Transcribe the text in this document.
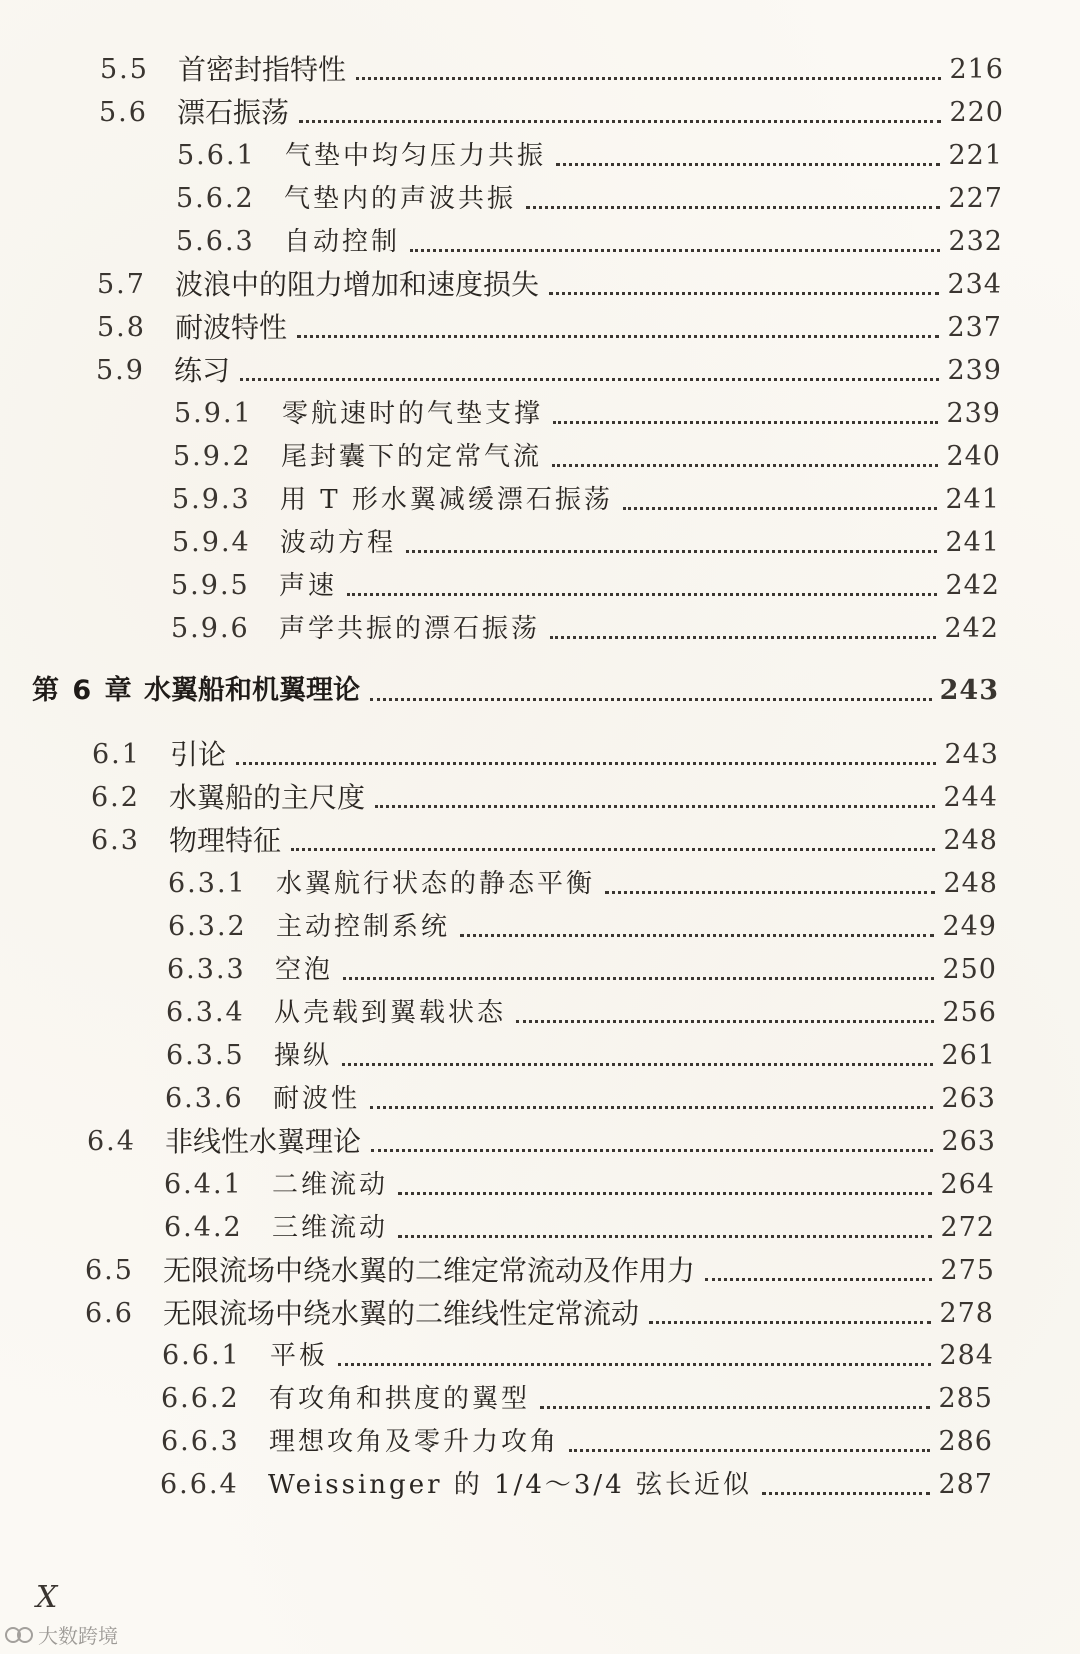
5.5	首密封指特性	216
5.6	漂石振荡	220
5.6.1	气垫中均匀压力共振	221
5.6.2	气垫内的声波共振	227
5.6.3	自动控制	232
5.7	波浪中的阻力增加和速度损失	234
5.8	耐波特性	237
5.9	练习	239
5.9.1	零航速时的气垫支撑	239
5.9.2	尾封囊下的定常气流	240
5.9.3	用 T 形水翼减缓漂石振荡	241
5.9.4	波动方程	241
5.9.5	声速	242
5.9.6	声学共振的漂石振荡	242
第 6 章 水翼船和机翼理论	243
6.1	引论	243
6.2	水翼船的主尺度	244
6.3	物理特征	248
6.3.1	水翼航行状态的静态平衡	248
6.3.2	主动控制系统	249
6.3.3	空泡	250
6.3.4	从壳载到翼载状态	256
6.3.5	操纵	261
6.3.6	耐波性	263
6.4	非线性水翼理论	263
6.4.1	二维流动	264
6.4.2	三维流动	272
6.5	无限流场中绕水翼的二维定常流动及作用力	275
6.6	无限流场中绕水翼的二维线性定常流动	278
6.6.1	平板	284
6.6.2	有攻角和拱度的翼型	285
6.6.3	理想攻角及零升力攻角	286
6.6.4	Weissinger 的 1/4～3/4 弦长近似	287
X
大数跨境
